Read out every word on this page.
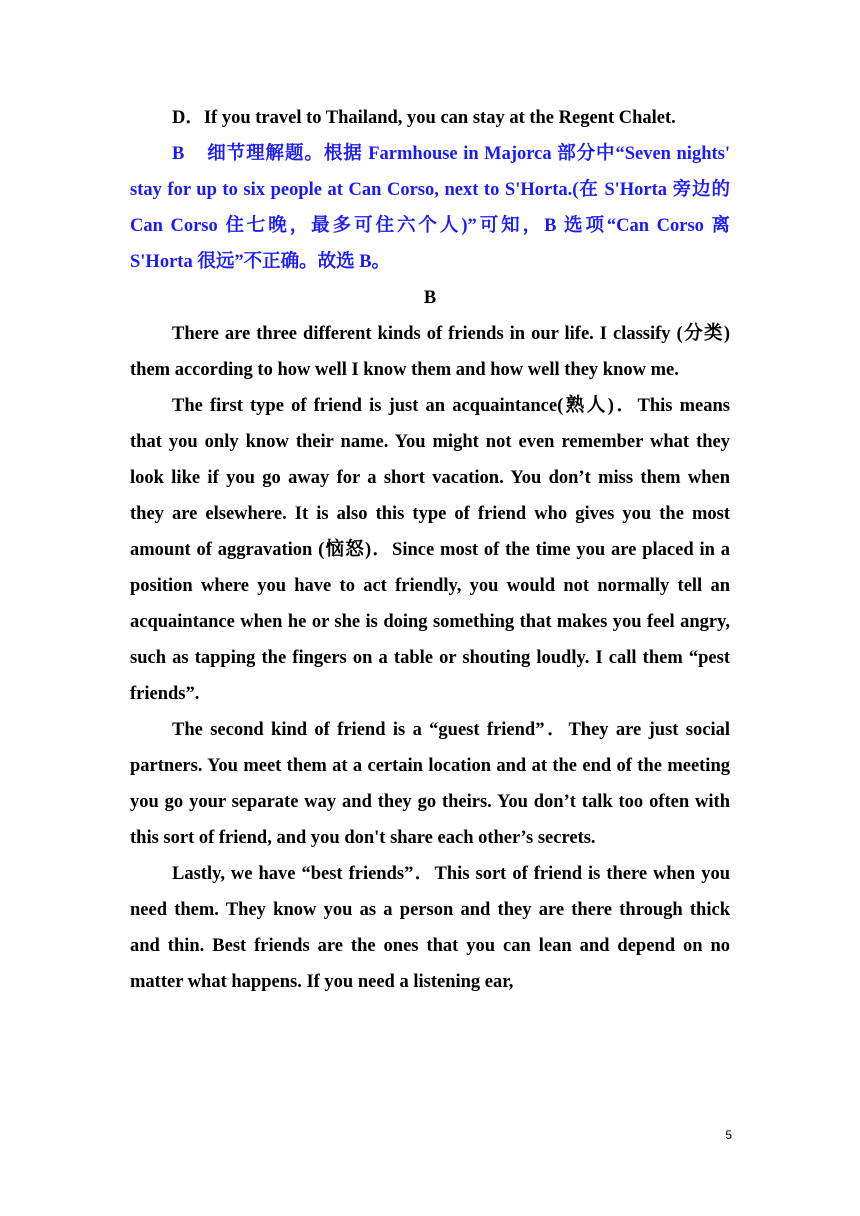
D．If you travel to Thailand, you can stay at the Regent Chalet.

B 细节理解题。根据 Farmhouse in Majorca 部分中“Seven nights' stay for up to six people at Can Corso, next to S'Horta.(在 S'Horta 旁边的 Can Corso 住七晚，最多可住六个人)”可知，B 选项“Can Corso 离 S'Horta 很远”不正确。故选 B。

B

There are three different kinds of friends in our life. I classify (分类) them according to how well I know them and how well they know me.

The first type of friend is just an acquaintance(熟人)．This means that you only know their name. You might not even remember what they look like if you go away for a short vacation. You don’t miss them when they are elsewhere. It is also this type of friend who gives you the most amount of aggravation (恼怒)．Since most of the time you are placed in a position where you have to act friendly, you would not normally tell an acquaintance when he or she is doing something that makes you feel angry, such as tapping the fingers on a table or shouting loudly. I call them “pest friends”.

The second kind of friend is a “guest friend”．They are just social partners. You meet them at a certain location and at the end of the meeting you go your separate way and they go theirs. You don’t talk too often with this sort of friend, and you don't share each other’s secrets.

Lastly, we have “best friends”．This sort of friend is there when you need them. They know you as a person and they are there through thick and thin. Best friends are the ones that you can lean and depend on no matter what happens. If you need a listening ear,

5
